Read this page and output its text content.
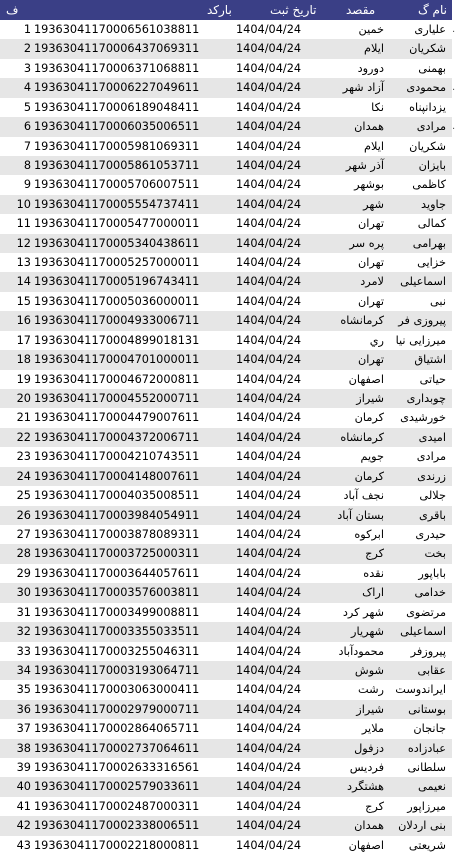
ف	بارکد	تاریخ ثبت مقصد	نام گ
1 19363041170006561038811	1404/04/24	خمین	علیاری .
2 19363041170006437069311	1404/04/24	ایلام	شکریان
3 19363041170006371068811	1404/04/24	دورود	بهمنی
4 19363041170006227049611	1404/04/24	آزاد شهر	محمودی .
5 19363041170006189048411	1404/04/24	نکا	یزدانپناه
6 19363041170006035006511	1404/04/24	همدان	مرادی .
7 19363041170005981069311	1404/04/24	ایلام	شکریان
8 19363041170005861053711	1404/04/24	آذر شهر	بایزان
9 19363041170005706007511	1404/04/24	بوشهر	کاظمی
10 19363041170005554737411	1404/04/24	شهر	جاوید
11 19363041170005477000011	1404/04/24	تهران	کمالی
12 19363041170005340438611	1404/04/24	پره سر	بهرامی
13 19363041170005257000011	1404/04/24	تهران	خزایی
14 19363041170005196743411	1404/04/24	لامرد	اسماعیلی
15 19363041170005036000011	1404/04/24	تهران	نبی
16 19363041170004933006711	1404/04/24	کرمانشاه	پیروزی فر
17 19363041170004899018131	1404/04/24	ري	میرزایی نیا
18 19363041170004701000011	1404/04/24	تهران	اشتیاق
19 19363041170004672000811	1404/04/24	اصفهان	حیاتی
20 19363041170004552000711	1404/04/24	شیراز	چوبداری
21 19363041170004479007611	1404/04/24	کرمان	خورشیدی
22 19363041170004372006711	1404/04/24	کرمانشاه	امیدی
23 19363041170004210743511	1404/04/24	جویم	مرادی
24 19363041170004148007611	1404/04/24	کرمان	زرندی
25 19363041170004035008511	1404/04/24	نجف آباد	جلالی
26 19363041170003984054911	1404/04/24	بستان آباد	باقری
27 19363041170003878089311	1404/04/24	ابرکوه	حیدری
28 19363041170003725000311	1404/04/24	کرج	بخت
29 19363041170003644057611	1404/04/24	نقده	باباپور
30 19363041170003576003811	1404/04/24	اراک	خدامی
31 19363041170003499008811	1404/04/24	شهر کرد	مرتضوی
32 19363041170003355033511	1404/04/24	شهریار	اسماعیلی
33 19363041170003255046311	1404/04/24	محمودآباد	پیروزفر
34 19363041170003193064711	1404/04/24	شوش	عقابی
35 19363041170003063000411	1404/04/24	رشت ایراندوست
36 19363041170002979000711	1404/04/24	شیراز	بوستانی
37 19363041170002864065711	1404/04/24	ملایر	جانجان
38 19363041170002737064611	1404/04/24	دزفول	عبادزاده
39 19363041170002633316561	1404/04/24	فردیس	سلطانی
40 19363041170002579033611	1404/04/24	هشتگرد	نعیمی
41 19363041170002487000311	1404/04/24	کرج	میرزاپور
42 19363041170002338006511	1404/04/24	همدان	بنی اردلان
43 19363041170002218000811	1404/04/24	اصفهان	شریعتی
